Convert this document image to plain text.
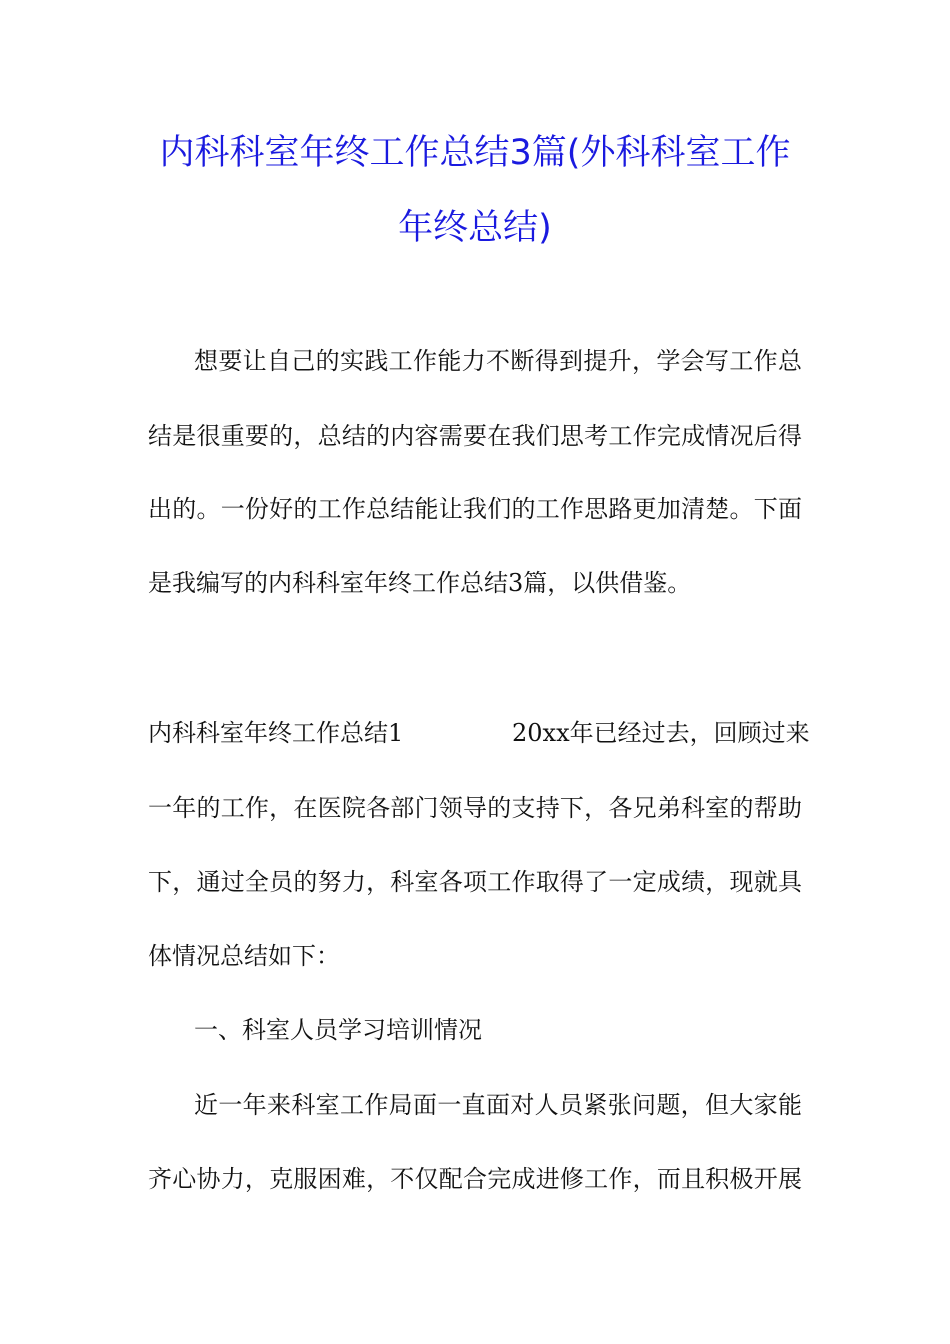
内科科室年终工作总结3篇(外科科室工作
年终总结)

想要让自己的实践工作能力不断得到提升，学会写工作总

结是很重要的，总结的内容需要在我们思考工作完成情况后得

出的。一份好的工作总结能让我们的工作思路更加清楚。下面

是我编写的内科科室年终工作总结3篇，以供借鉴。

内科科室年终工作总结1	20xx年已经过去，回顾过来

一年的工作，在医院各部门领导的支持下，各兄弟科室的帮助

下，通过全员的努力，科室各项工作取得了一定成绩，现就具

体情况总结如下：

一、科室人员学习培训情况

近一年来科室工作局面一直面对人员紧张问题，但大家能

齐心协力，克服困难，不仅配合完成进修工作，而且积极开展
